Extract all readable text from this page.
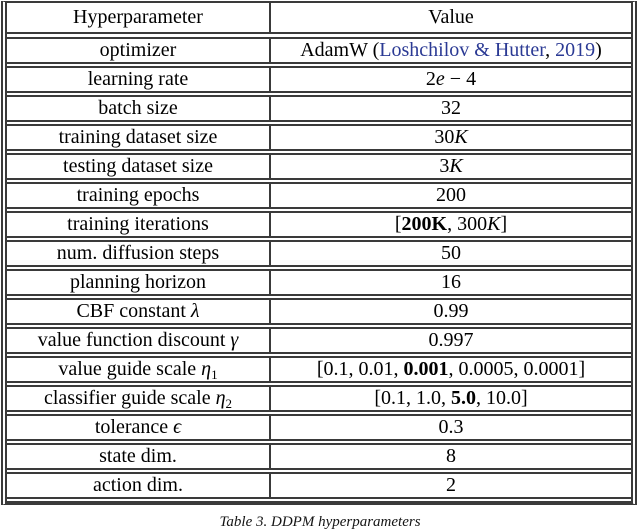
Hyperparameter	Value
optimizer	AdamW (Loshchilov & Hutter, 2019)
learning rate	2e − 4
batch size	32
training dataset size	30K
testing dataset size	3K
training epochs	200
training iterations	[200K, 300K]
num. diffusion steps	50
planning horizon	16
CBF constant λ	0.99
value function discount γ	0.997
value guide scale $\eta_1$	[0.1, 0.01, 0.001, 0.0005, 0.0001]
classifier guide scale $\eta_2$	[0.1, 1.0, 5.0, 10.0]
tolerance ϵ	0.3
state dim.	8
action dim.	2
Table 3. DDPM hyperparameters
